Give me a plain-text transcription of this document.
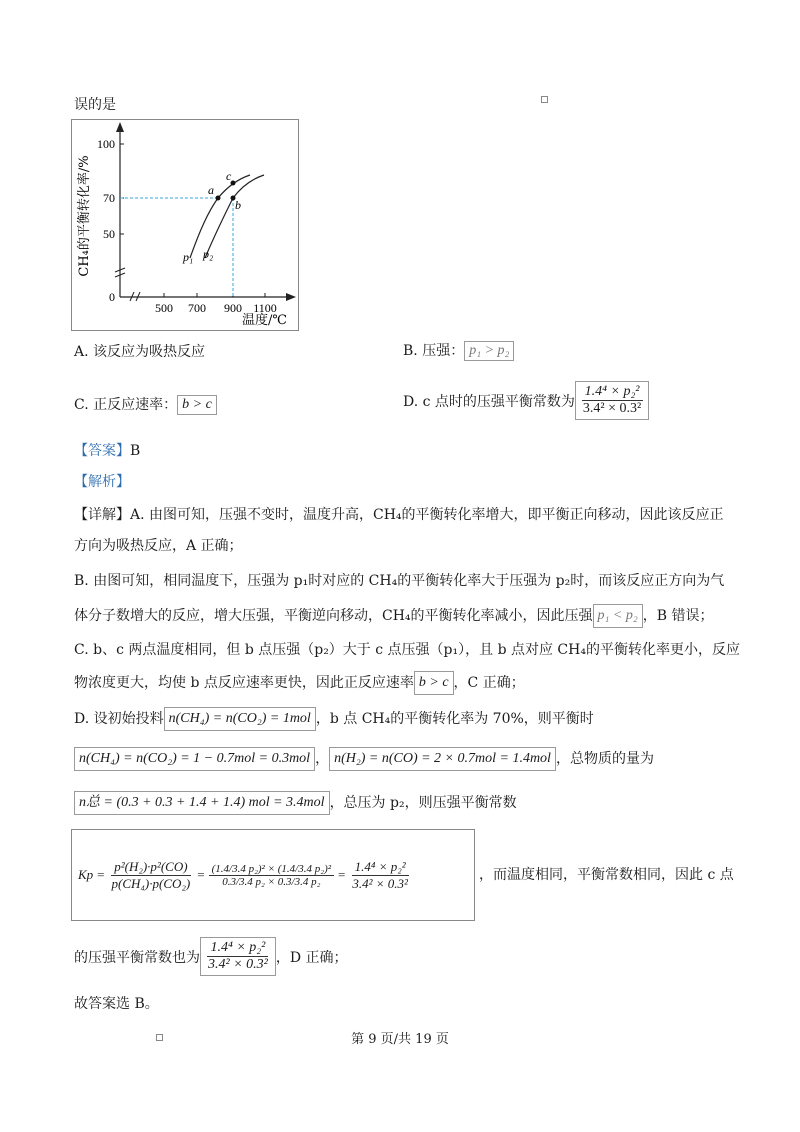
误的是
100
70
50
0
500 700 900 1100
a
b
c
p₁ p₂
CH₄的平衡转化率/%
温度/℃
A. 该反应为吸热反应	B. 压强： p₁ > p₂
C. 正反应速率： b > c	D. c 点时的压强平衡常数为 $\frac{\text{1.4⁴ × p₂²}}{\text{3.4² × 0.3²}}$
【答案】B
【解析】
【详解】A. 由图可知，压强不变时，温度升高，CH₄的平衡转化率增大，即平衡正向移动，因此该反应正
方向为吸热反应，A 正确；
B. 由图可知，相同温度下，压强为 p₁时对应的 CH₄的平衡转化率大于压强为 p₂时，而该反应正方向为气
体分子数增大的反应，增大压强，平衡逆向移动，CH₄的平衡转化率减小，因此压强 p₁ < p₂ ，B 错误；
C. b、c 两点温度相同，但 b 点压强（p₂）大于 c 点压强（p₁），且 b 点对应 CH₄的平衡转化率更小，反应
物浓度更大，均使 b 点反应速率更快，因此正反应速率 b > c ，C 正确；
D. 设初始投料 n(CH₄) = n(CO₂) = 1mol ，b 点 CH₄的平衡转化率为 70%，则平衡时
n(CH₄) = n(CO₂) = 1 − 0.7mol = 0.3mol ， n(H₂) = n(CO) = 2 × 0.7mol = 1.4mol ，总物质的量为
n总 = (0.3 + 0.3 + 1.4 + 1.4) mol = 3.4mol ，总压为 p₂，则压强平衡常数
$Kp = \frac{\text{p²(H₂)·p²(CO)}}{\text{p(CH₄)·p(CO₂)}} = \frac{\text{(1.4/3.4 p₂)² × (1.4/3.4 p₂)²}}{\text{0.3/3.4 p₂ × 0.3/3.4 p₂}} = \frac{\text{1.4⁴ × p₂²}}{\text{3.4² × 0.3²}}$	，而温度相同，平衡常数相同，因此 c 点
的压强平衡常数也为 $\frac{\text{1.4⁴ × p₂²}}{\text{3.4² × 0.3²}}$ ，D 正确；
故答案选 B。
第 9 页/共 19 页
